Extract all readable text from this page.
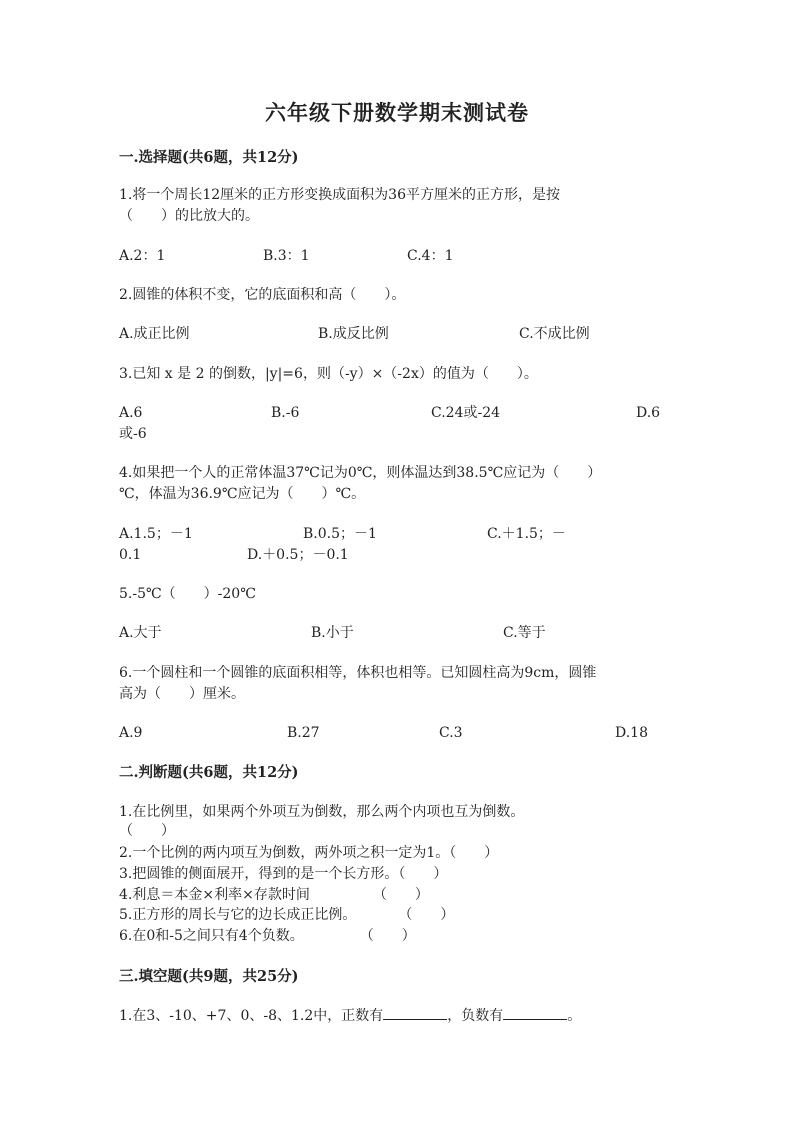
六年级下册数学期末测试卷
一.选择题(共6题，共12分)
1.将一个周长12厘米的正方形变换成面积为36平方厘米的正方形，是按
（　　）的比放大的。
A.2：1	B.3：1	C.4：1
2.圆锥的体积不变，它的底面积和高（　　）。
A.成正比例	B.成反比例	C.不成比例
3.已知 x 是 2 的倒数，|y|=6，则（-y）×（-2x）的值为（　　）。
A.6	B.-6	C.24或-24	D.6
或-6
4.如果把一个人的正常体温37℃记为0℃，则体温达到38.5℃应记为（　　）
℃，体温为36.9℃应记为（　　）℃。
A.1.5；－1	B.0.5；－1	C.＋1.5；－
0.1	D.＋0.5；－0.1
5.-5℃（　　）-20℃
A.大于	B.小于	C.等于
6.一个圆柱和一个圆锥的底面积相等，体积也相等。已知圆柱高为9cm，圆锥
高为（　　）厘米。
A.9	B.27	C.3	D.18
二.判断题(共6题，共12分)
1.在比例里，如果两个外项互为倒数，那么两个内项也互为倒数。
（　　）
2.一个比例的两内项互为倒数，两外项之积一定为1。（　　）
3.把圆锥的侧面展开，得到的是一个长方形。（　　）
4.利息＝本金×利率×存款时间　　　　　（　　）
5.正方形的周长与它的边长成正比例。　　　　（　　）
6.在0和-5之间只有4个负数。　　　　　（　　）
三.填空题(共9题，共25分)
1.在3、-10、+7、0、-8、1.2中，正数有	，负数有	。
